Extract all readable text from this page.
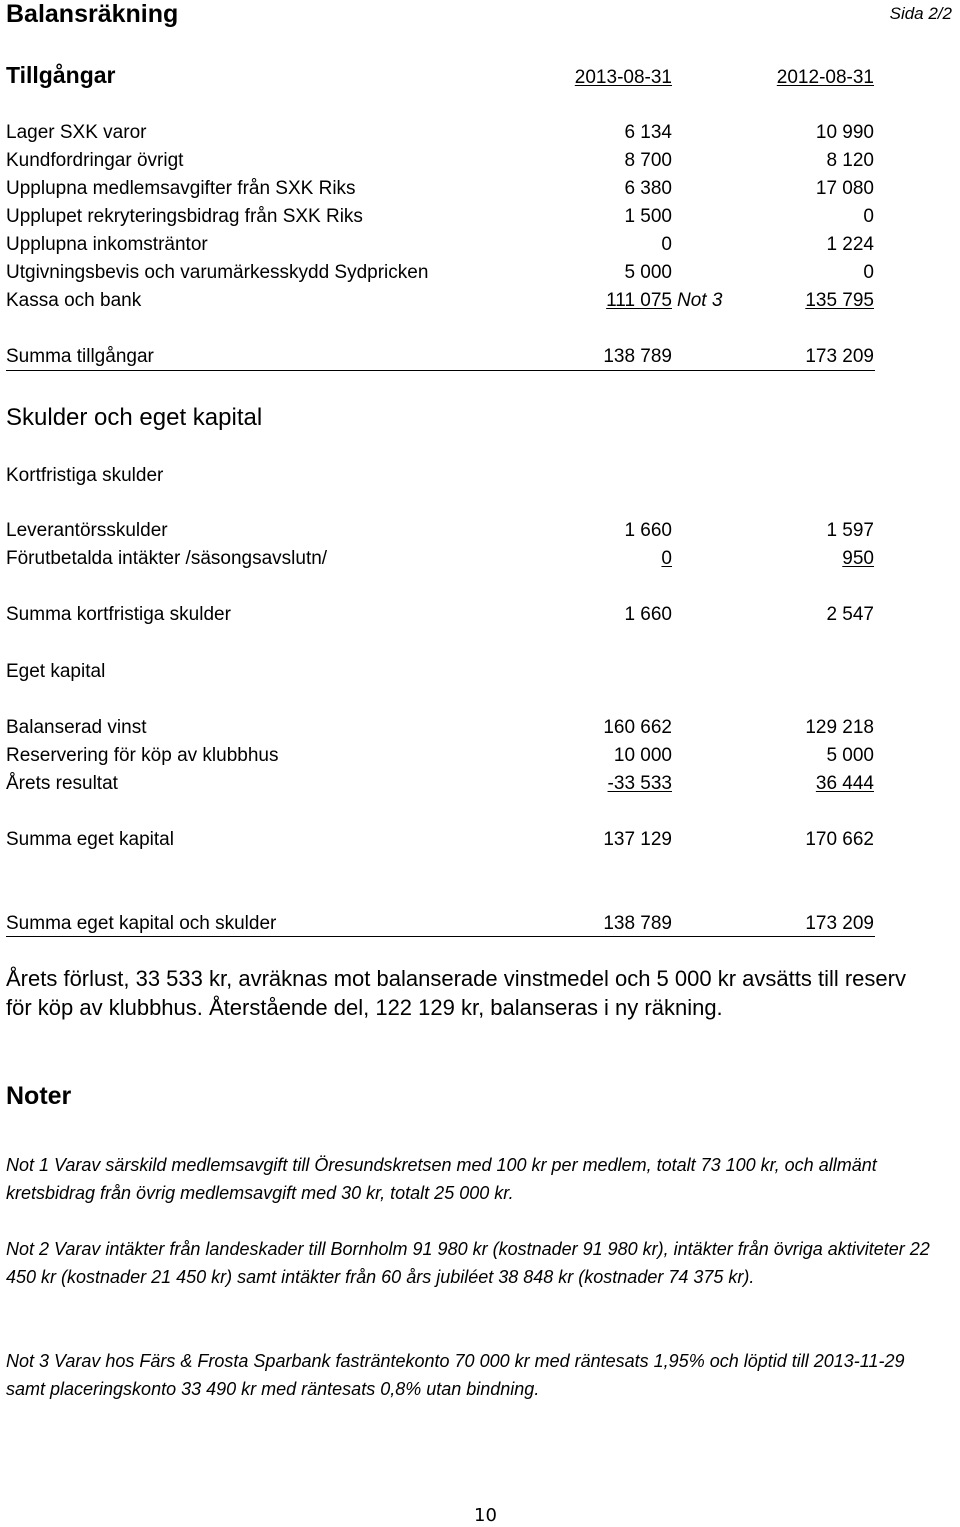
Balansräkning	Sida 2/2
Tillgångar	2013-08-31	2012-08-31
Lager SXK varor	6 134	10 990
Kundfordringar övrigt	8 700	8 120
Upplupna medlemsavgifter från SXK Riks	6 380	17 080
Upplupet rekryteringsbidrag från SXK Riks	1 500	0
Upplupna inkomsträntor	0	1 224
Utgivningsbevis och varumärkesskydd Sydpricken	5 000	0
Kassa och bank	111 075 Not 3	135 795
Summa tillgångar	138 789	173 209
Skulder och eget kapital
Kortfristiga skulder
Leverantörsskulder	1 660	1 597
Förutbetalda intäkter /säsongsavslutn/	0	950
Summa kortfristiga skulder	1 660	2 547
Eget kapital
Balanserad vinst	160 662	129 218
Reservering för köp av klubbhus	10 000	5 000
Årets resultat	-33 533	36 444
Summa eget kapital	137 129	170 662
Summa eget kapital och skulder	138 789	173 209
Årets förlust, 33 533 kr, avräknas mot balanserade vinstmedel och 5 000 kr avsätts till reserv för köp av klubbhus. Återstående del, 122 129 kr, balanseras i ny räkning.
Noter
Not 1 Varav särskild medlemsavgift till Öresundskretsen med 100 kr per medlem, totalt 73 100 kr, och allmänt kretsbidrag från övrig medlemsavgift med 30 kr, totalt 25 000 kr.
Not 2 Varav intäkter från landeskader till Bornholm 91 980 kr (kostnader 91 980 kr), intäkter från övriga aktiviteter 22 450 kr (kostnader 21 450 kr) samt intäkter från 60 års jubiléet 38 848 kr (kostnader 74 375 kr).
Not 3 Varav hos Färs & Frosta Sparbank fasträntekonto 70 000 kr med räntesats 1,95% och löptid till 2013-11-29 samt placeringskonto 33 490 kr med räntesats 0,8% utan bindning.
10
